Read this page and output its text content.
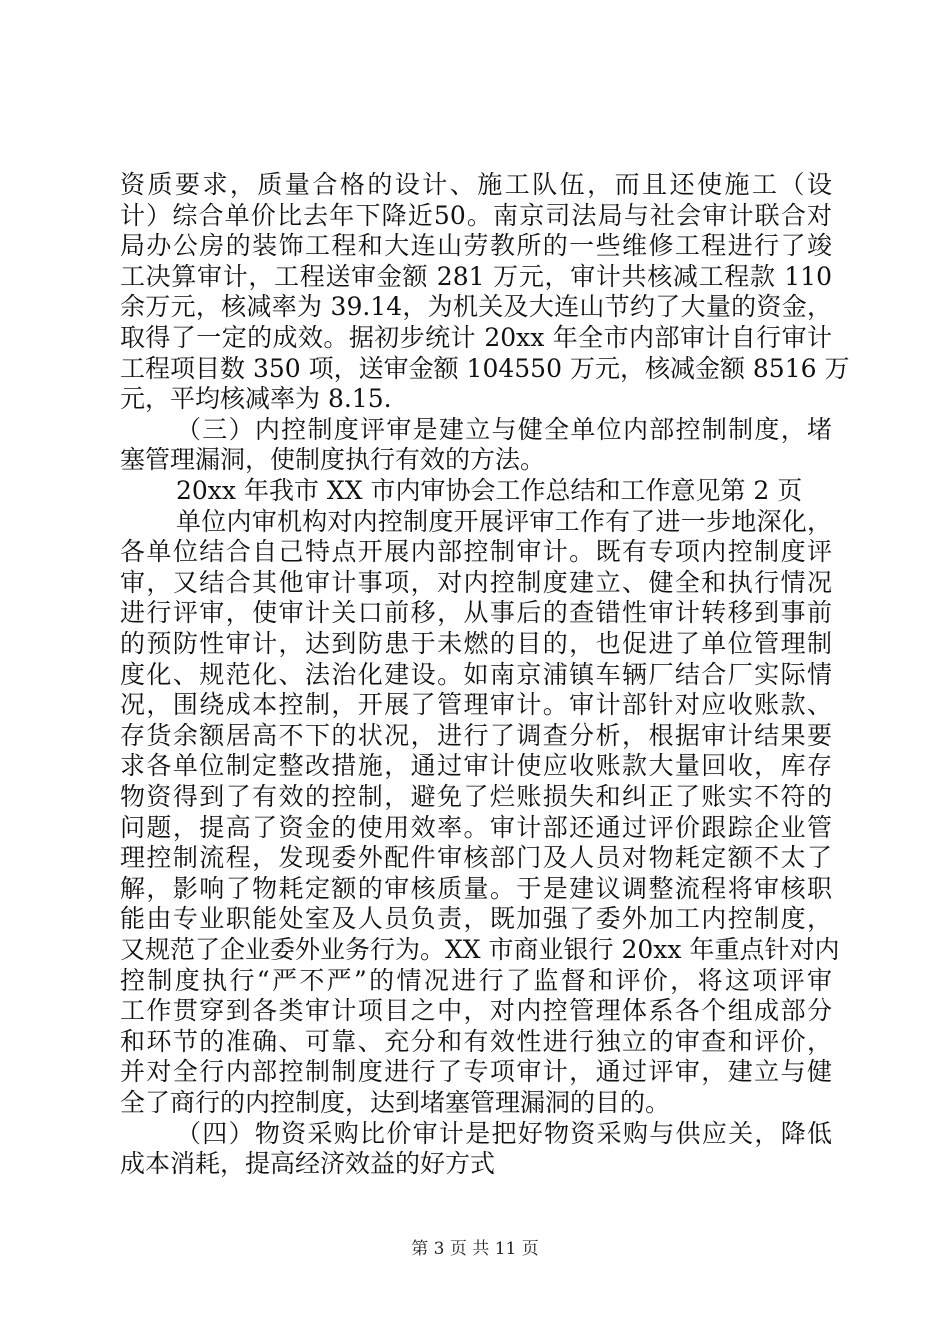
资质要求，质量合格的设计、施工队伍，而且还使施工（设
计）综合单价比去年下降近50。南京司法局与社会审计联合对
局办公房的装饰工程和大连山劳教所的一些维修工程进行了竣
工决算审计，工程送审金额 281 万元，审计共核减工程款 110
余万元，核减率为 39.14，为机关及大连山节约了大量的资金，
取得了一定的成效。据初步统计 20xx 年全市内部审计自行审计
工程项目数 350 项，送审金额 104550 万元，核减金额 8516 万
元，平均核减率为 8.15.
（三）内控制度评审是建立与健全单位内部控制制度，堵
塞管理漏洞，使制度执行有效的方法。
20xx 年我市 XX 市内审协会工作总结和工作意见第 2 页
单位内审机构对内控制度开展评审工作有了进一步地深化，
各单位结合自己特点开展内部控制审计。既有专项内控制度评
审，又结合其他审计事项，对内控制度建立、健全和执行情况
进行评审，使审计关口前移，从事后的查错性审计转移到事前
的预防性审计，达到防患于未燃的目的，也促进了单位管理制
度化、规范化、法治化建设。如南京浦镇车辆厂结合厂实际情
况，围绕成本控制，开展了管理审计。审计部针对应收账款、
存货余额居高不下的状况，进行了调查分析，根据审计结果要
求各单位制定整改措施，通过审计使应收账款大量回收，库存
物资得到了有效的控制，避免了烂账损失和纠正了账实不符的
问题，提高了资金的使用效率。审计部还通过评价跟踪企业管
理控制流程，发现委外配件审核部门及人员对物耗定额不太了
解，影响了物耗定额的审核质量。于是建议调整流程将审核职
能由专业职能处室及人员负责，既加强了委外加工内控制度，
又规范了企业委外业务行为。XX 市商业银行 20xx 年重点针对内
控制度执行“严不严”的情况进行了监督和评价，将这项评审
工作贯穿到各类审计项目之中，对内控管理体系各个组成部分
和环节的准确、可靠、充分和有效性进行独立的审查和评价，
并对全行内部控制制度进行了专项审计，通过评审，建立与健
全了商行的内控制度，达到堵塞管理漏洞的目的。
（四）物资采购比价审计是把好物资采购与供应关，降低
成本消耗，提高经济效益的好方式
第 3 页 共 11 页
